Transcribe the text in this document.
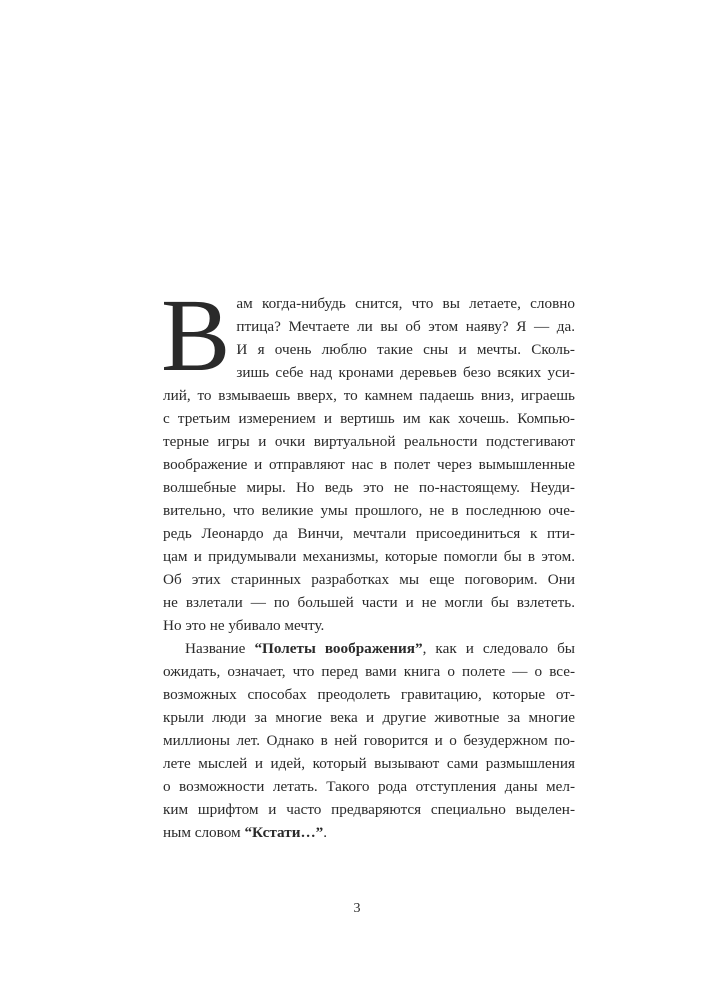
В ам когда-нибудь снится, что вы летаете, словно
птица? Мечтаете ли вы об этом наяву? Я — да.
И я очень люблю такие сны и мечты. Сколь-
зишь себе над кронами деревьев безо всяких уси-
лий, то взмываешь вверх, то камнем падаешь вниз, играешь
с третьим измерением и вертишь им как хочешь. Компью-
терные игры и очки виртуальной реальности подстегивают
воображение и отправляют нас в полет через вымышленные
волшебные миры. Но ведь это не по-настоящему. Неуди-
вительно, что великие умы прошлого, не в последнюю оче-
редь Леонардо да Винчи, мечтали присоединиться к пти-
цам и придумывали механизмы, которые помогли бы в этом.
Об этих старинных разработках мы еще поговорим. Они
не взлетали — по большей части и не могли бы взлететь.
Но это не убивало мечту.
Название “Полеты воображения”, как и следовало бы
ожидать, означает, что перед вами книга о полете — о все-
возможных способах преодолеть гравитацию, которые от-
крыли люди за многие века и другие животные за многие
миллионы лет. Однако в ней говорится и о безудержном по-
лете мыслей и идей, который вызывают сами размышления
о возможности летать. Такого рода отступления даны мел-
ким шрифтом и часто предваряются специально выделен-
ным словом “Кстати…”.
3
